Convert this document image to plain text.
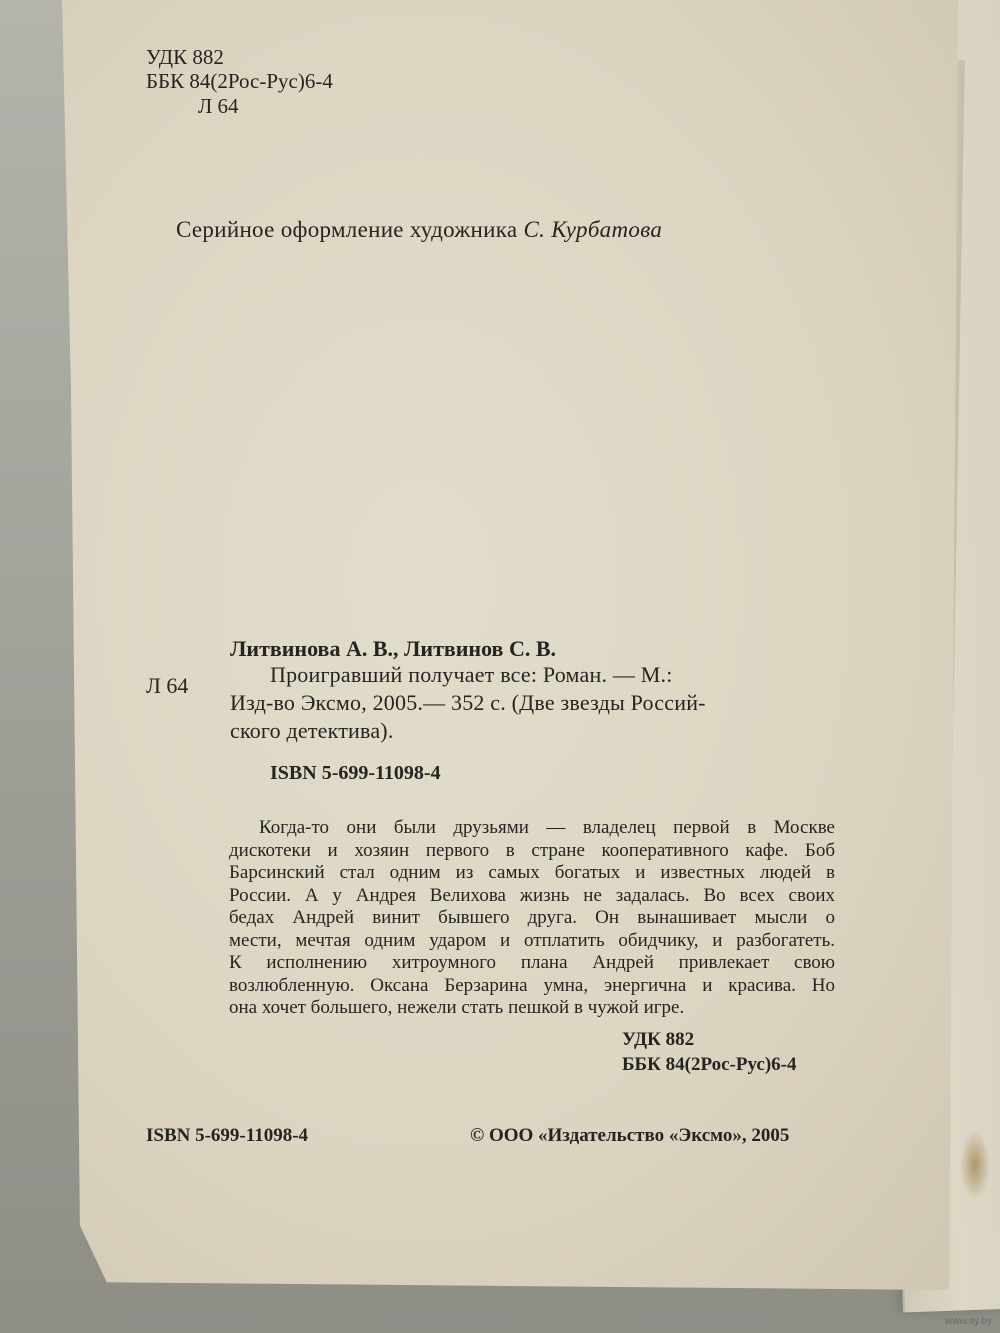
УДК 882
ББК 84(2Рос-Рус)6-4
Л 64
Серийное оформление художника С. Курбатова
Литвинова А. В., Литвинов С. В.
Л 64	Проигравший получает все: Роман. — М.:
Изд-во Эксмо, 2005.— 352 с. (Две звезды Россий-
ского детектива).
ISBN 5-699-11098-4
Когда-то они были друзьями — владелец первой в Москве
дискотеки и хозяин первого в стране кооперативного кафе. Боб
Барсинский стал одним из самых богатых и известных людей в
России. А у Андрея Велихова жизнь не задалась. Во всех своих
бедах Андрей винит бывшего друга. Он вынашивает мысли о
мести, мечтая одним ударом и отплатить обидчику, и разбогатеть.
К исполнению хитроумного плана Андрей привлекает свою
возлюбленную. Оксана Берзарина умна, энергична и красива. Но
она хочет большего, нежели стать пешкой в чужой игре.
УДК 882
ББК 84(2Рос-Рус)6-4
ISBN 5-699-11098-4	© ООО «Издательство «Эксмо», 2005
www.ay.by
